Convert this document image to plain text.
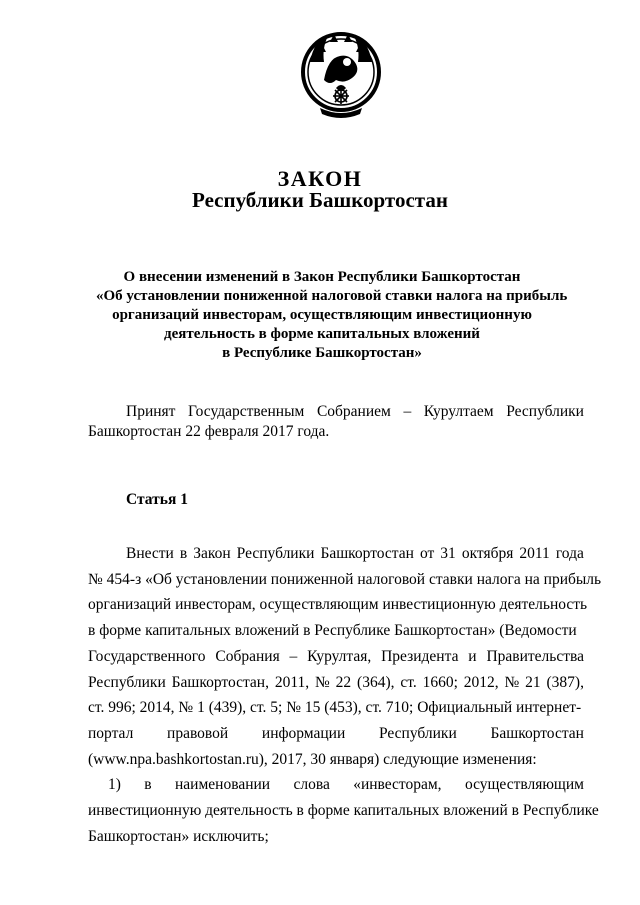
ЗАКОН
Республики Башкортостан
О внесении изменений в Закон Республики Башкортостан
«Об установлении пониженной налоговой ставки налога на прибыль
организаций инвесторам, осуществляющим инвестиционную
деятельность в форме капитальных вложений
в Республике Башкортостан»
Принят Государственным Собранием – Курултаем Республики
Башкортостан 22 февраля 2017 года.
Статья 1
Внести в Закон Республики Башкортостан от 31 октября 2011 года
№ 454-з «Об установлении пониженной налоговой ставки налога на прибыль
организаций инвесторам, осуществляющим инвестиционную деятельность
в форме капитальных вложений в Республике Башкортостан» (Ведомости
Государственного Собрания – Курултая, Президента и Правительства
Республики Башкортостан, 2011, № 22 (364), ст. 1660; 2012, № 21 (387),
ст. 996; 2014, № 1 (439), ст. 5; № 15 (453), ст. 710; Официальный интернет-
портал правовой информации Республики Башкортостан
(www.npa.bashkortostan.ru), 2017, 30 января) следующие изменения:
1) в наименовании слова «инвесторам, осуществляющим
инвестиционную деятельность в форме капитальных вложений в Республике
Башкортостан» исключить;
